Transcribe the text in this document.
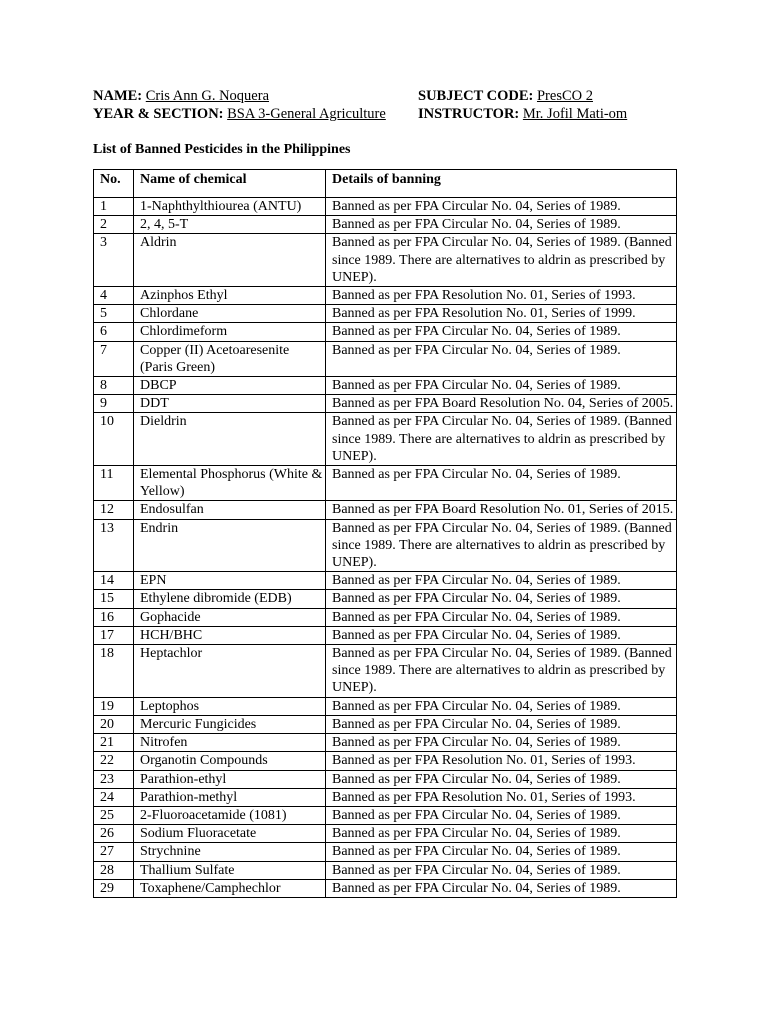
NAME: Cris Ann G. Noquera	SUBJECT CODE: PresCO 2
YEAR & SECTION: BSA 3-General Agriculture INSTRUCTOR: Mr. Jofil Mati-om
List of Banned Pesticides in the Philippines
No.	Name of chemical	Details of banning
1	1-Naphthylthiourea (ANTU)	Banned as per FPA Circular No. 04, Series of 1989.
2	2, 4, 5-T	Banned as per FPA Circular No. 04, Series of 1989.
3	Aldrin	Banned as per FPA Circular No. 04, Series of 1989. (Banned since 1989. There are alternatives to aldrin as prescribed by UNEP).
4	Azinphos Ethyl	Banned as per FPA Resolution No. 01, Series of 1993.
5	Chlordane	Banned as per FPA Resolution No. 01, Series of 1999.
6	Chlordimeform	Banned as per FPA Circular No. 04, Series of 1989.
7	Copper (II) Acetoaresenite (Paris Green)	Banned as per FPA Circular No. 04, Series of 1989.
8	DBCP	Banned as per FPA Circular No. 04, Series of 1989.
9	DDT	Banned as per FPA Board Resolution No. 04, Series of 2005.
10	Dieldrin	Banned as per FPA Circular No. 04, Series of 1989. (Banned since 1989. There are alternatives to aldrin as prescribed by UNEP).
11	Elemental Phosphorus (White & Yellow)	Banned as per FPA Circular No. 04, Series of 1989.
12	Endosulfan	Banned as per FPA Board Resolution No. 01, Series of 2015.
13	Endrin	Banned as per FPA Circular No. 04, Series of 1989. (Banned since 1989. There are alternatives to aldrin as prescribed by UNEP).
14	EPN	Banned as per FPA Circular No. 04, Series of 1989.
15	Ethylene dibromide (EDB)	Banned as per FPA Circular No. 04, Series of 1989.
16	Gophacide	Banned as per FPA Circular No. 04, Series of 1989.
17	HCH/BHC	Banned as per FPA Circular No. 04, Series of 1989.
18	Heptachlor	Banned as per FPA Circular No. 04, Series of 1989. (Banned since 1989. There are alternatives to aldrin as prescribed by UNEP).
19	Leptophos	Banned as per FPA Circular No. 04, Series of 1989.
20	Mercuric Fungicides	Banned as per FPA Circular No. 04, Series of 1989.
21	Nitrofen	Banned as per FPA Circular No. 04, Series of 1989.
22	Organotin Compounds	Banned as per FPA Resolution No. 01, Series of 1993.
23	Parathion-ethyl	Banned as per FPA Circular No. 04, Series of 1989.
24	Parathion-methyl	Banned as per FPA Resolution No. 01, Series of 1993.
25	2-Fluoroacetamide (1081)	Banned as per FPA Circular No. 04, Series of 1989.
26	Sodium Fluoracetate	Banned as per FPA Circular No. 04, Series of 1989.
27	Strychnine	Banned as per FPA Circular No. 04, Series of 1989.
28	Thallium Sulfate	Banned as per FPA Circular No. 04, Series of 1989.
29	Toxaphene/Camphechlor	Banned as per FPA Circular No. 04, Series of 1989.
